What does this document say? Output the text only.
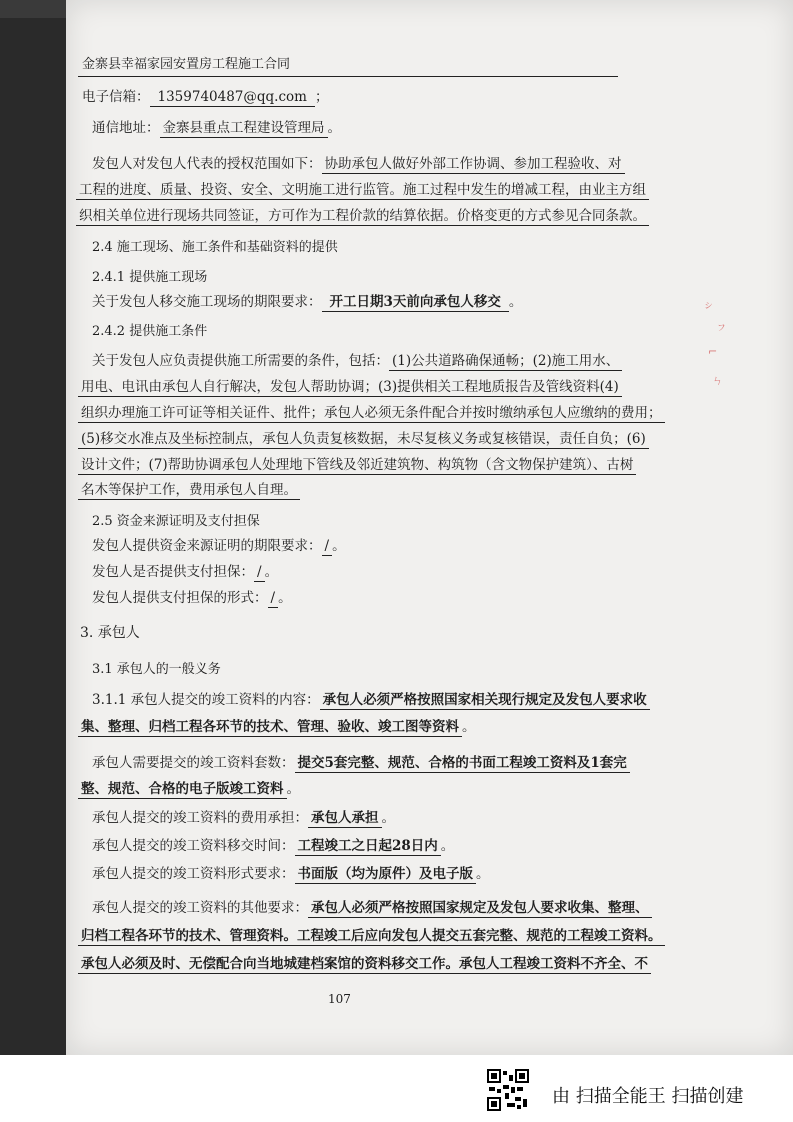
金寨县幸福家园安置房工程施工合同
电子信箱： 1359740487@qq.com ；
通信地址： 金寨县重点工程建设管理局 。
发包人对发包人代表的授权范围如下： 协助承包人做好外部工作协调、参加工程验收、对
工程的进度、质量、投资、安全、文明施工进行监管。施工过程中发生的增减工程，由业主方组
织相关单位进行现场共同签证，方可作为工程价款的结算依据。价格变更的方式参见合同条款。
2.4 施工现场、施工条件和基础资料的提供
2.4.1 提供施工现场
关于发包人移交施工现场的期限要求： 开工日期3天前向承包人移交 。
2.4.2 提供施工条件
关于发包人应负责提供施工所需要的条件，包括： (1)公共道路确保通畅；(2)施工用水、
用电、电讯由承包人自行解决，发包人帮助协调；(3)提供相关工程地质报告及管线资料(4)
组织办理施工许可证等相关证件、批件；承包人必须无条件配合并按时缴纳承包人应缴纳的费用；
(5)移交水准点及坐标控制点，承包人负责复核数据，未尽复核义务或复核错误，责任自负；(6)
设计文件；(7)帮助协调承包人处理地下管线及邻近建筑物、构筑物（含文物保护建筑）、古树
名木等保护工作，费用承包人自理。
2.5 资金来源证明及支付担保
发包人提供资金来源证明的期限要求： / 。
发包人是否提供支付担保： / 。
发包人提供支付担保的形式： / 。
3. 承包人
3.1 承包人的一般义务
3.1.1 承包人提交的竣工资料的内容： 承包人必须严格按照国家相关现行规定及发包人要求收
集、整理、归档工程各环节的技术、管理、验收、竣工图等资料 。
承包人需要提交的竣工资料套数： 提交5套完整、规范、合格的书面工程竣工资料及1套完
整、规范、合格的电子版竣工资料 。
承包人提交的竣工资料的费用承担： 承包人承担 。
承包人提交的竣工资料移交时间： 工程竣工之日起28日内 。
承包人提交的竣工资料形式要求： 书面版（均为原件）及电子版 。
承包人提交的竣工资料的其他要求： 承包人必须严格按照国家规定及发包人要求收集、整理、
归档工程各环节的技术、管理资料。工程竣工后应向发包人提交五套完整、规范的工程竣工资料。
承包人必须及时、无偿配合向当地城建档案馆的资料移交工作。承包人工程竣工资料不齐全、不
107
ㇱ
ㇷ
⌐
ㄣ
由 扫描全能王 扫描创建
